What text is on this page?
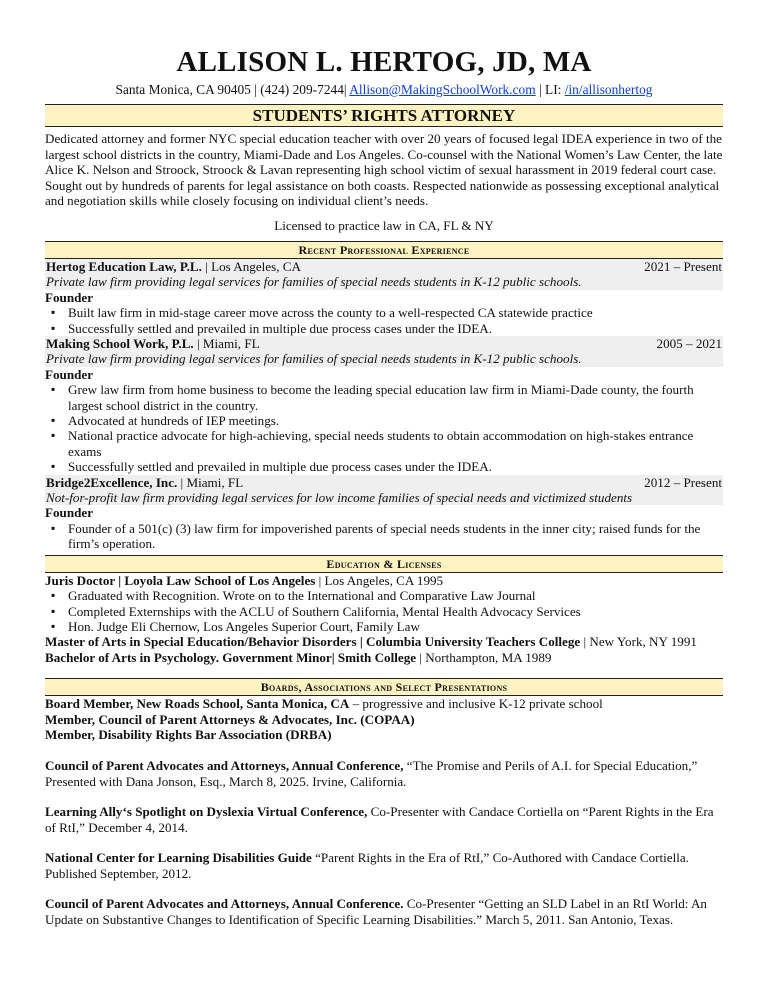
ALLISON L. HERTOG, JD, MA
Santa Monica, CA 90405 | (424) 209-7244| Allison@MakingSchoolWork.com | LI: /in/allisonhertog
STUDENTS’ RIGHTS ATTORNEY
Dedicated attorney and former NYC special education teacher with over 20 years of focused legal IDEA experience in two of the largest school districts in the country, Miami-Dade and Los Angeles. Co-counsel with the National Women’s Law Center, the late Alice K. Nelson and Stroock, Stroock & Lavan representing high school victim of sexual harassment in 2019 federal court case. Sought out by hundreds of parents for legal assistance on both coasts. Respected nationwide as possessing exceptional analytical and negotiation skills while closely focusing on individual client’s needs.
Licensed to practice law in CA, FL & NY
Recent Professional Experience
Hertog Education Law, P.L. | Los Angeles, CA	2021 – Present
Private law firm providing legal services for families of special needs students in K-12 public schools.
Founder
▪ Built law firm in mid-stage career move across the county to a well-respected CA statewide practice
▪ Successfully settled and prevailed in multiple due process cases under the IDEA.
Making School Work, P.L. | Miami, FL	2005 – 2021
Private law firm providing legal services for families of special needs students in K-12 public schools.
Founder
▪ Grew law firm from home business to become the leading special education law firm in Miami-Dade county, the fourth largest school district in the country.
▪ Advocated at hundreds of IEP meetings.
▪ National practice advocate for high-achieving, special needs students to obtain accommodation on high-stakes entrance exams
▪ Successfully settled and prevailed in multiple due process cases under the IDEA.
Bridge2Excellence, Inc. | Miami, FL	2012 – Present
Not-for-profit law firm providing legal services for low income families of special needs and victimized students
Founder
▪ Founder of a 501(c) (3) law firm for impoverished parents of special needs students in the inner city; raised funds for the firm’s operation.
Education & Licenses
Juris Doctor | Loyola Law School of Los Angeles | Los Angeles, CA 1995
▪ Graduated with Recognition. Wrote on to the International and Comparative Law Journal
▪ Completed Externships with the ACLU of Southern California, Mental Health Advocacy Services
▪ Hon. Judge Eli Chernow, Los Angeles Superior Court, Family Law
Master of Arts in Special Education/Behavior Disorders | Columbia University Teachers College | New York, NY 1991
Bachelor of Arts in Psychology. Government Minor| Smith College | Northampton, MA 1989
Boards, Associations and Select Presentations
Board Member, New Roads School, Santa Monica, CA – progressive and inclusive K-12 private school
Member, Council of Parent Attorneys & Advocates, Inc. (COPAA)
Member, Disability Rights Bar Association (DRBA)
Council of Parent Advocates and Attorneys, Annual Conference, “The Promise and Perils of A.I. for Special Education,” Presented with Dana Jonson, Esq., March 8, 2025. Irvine, California.
Learning Ally‘s Spotlight on Dyslexia Virtual Conference, Co-Presenter with Candace Cortiella on “Parent Rights in the Era of RtI,” December 4, 2014.
National Center for Learning Disabilities Guide “Parent Rights in the Era of RtI,” Co-Authored with Candace Cortiella. Published September, 2012.
Council of Parent Advocates and Attorneys, Annual Conference. Co-Presenter “Getting an SLD Label in an RtI World: An Update on Substantive Changes to Identification of Specific Learning Disabilities.” March 5, 2011. San Antonio, Texas.
